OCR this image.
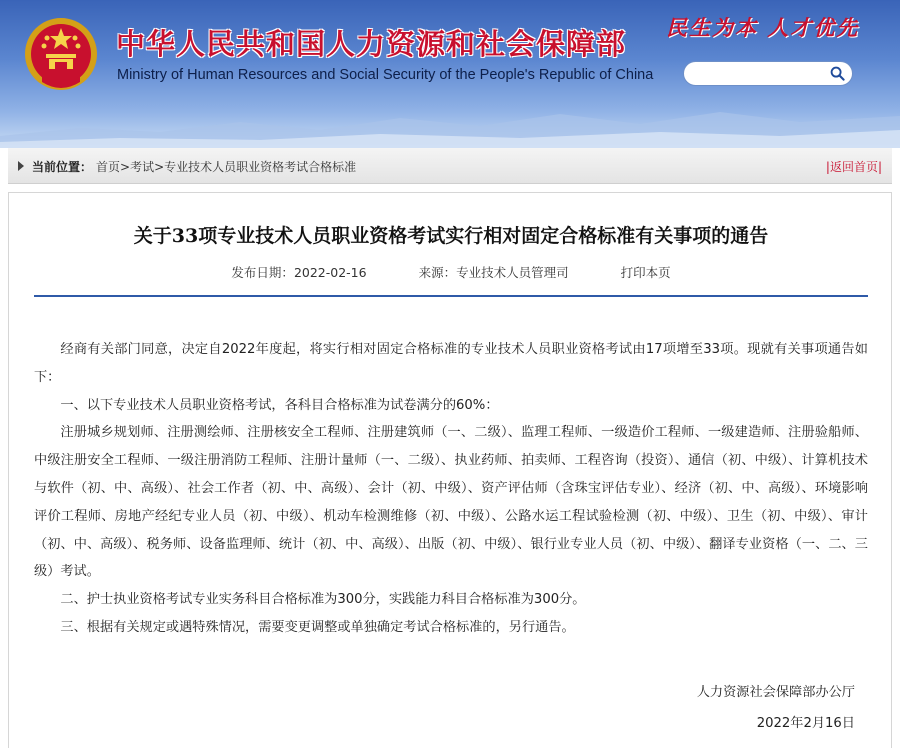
中华人民共和国人力资源和社会保障部
Ministry of Human Resources and Social Security of the People's Republic of China
民生为本 人才优先
当前位置： 首页>考试>专业技术人员职业资格考试合格标准	|返回首页|
关于33项专业技术人员职业资格考试实行相对固定合格标准有关事项的通告
发布日期：2022-02-16	来源：专业技术人员管理司	打印本页

经商有关部门同意，决定自2022年度起，将实行相对固定合格标准的专业技术人员职业资格考试由17项增至33项。现就有关事项通告如下：

一、以下专业技术人员职业资格考试，各科目合格标准为试卷满分的60%：

注册城乡规划师、注册测绘师、注册核安全工程师、注册建筑师（一、二级）、监理工程师、一级造价工程师、一级建造师、注册验船师、中级注册安全工程师、一级注册消防工程师、注册计量师（一、二级）、执业药师、拍卖师、工程咨询（投资）、通信（初、中级）、计算机技术与软件（初、中、高级）、社会工作者（初、中、高级）、会计（初、中级）、资产评估师（含珠宝评估专业）、经济（初、中、高级）、环境影响评价工程师、房地产经纪专业人员（初、中级）、机动车检测维修（初、中级）、公路水运工程试验检测（初、中级）、卫生（初、中级）、审计（初、中、高级）、税务师、设备监理师、统计（初、中、高级）、出版（初、中级）、银行业专业人员（初、中级）、翻译专业资格（一、二、三级）考试。

二、护士执业资格考试专业实务科目合格标准为300分，实践能力科目合格标准为300分。

三、根据有关规定或遇特殊情况，需要变更调整或单独确定考试合格标准的，另行通告。

人力资源社会保障部办公厅
2022年2月16日
